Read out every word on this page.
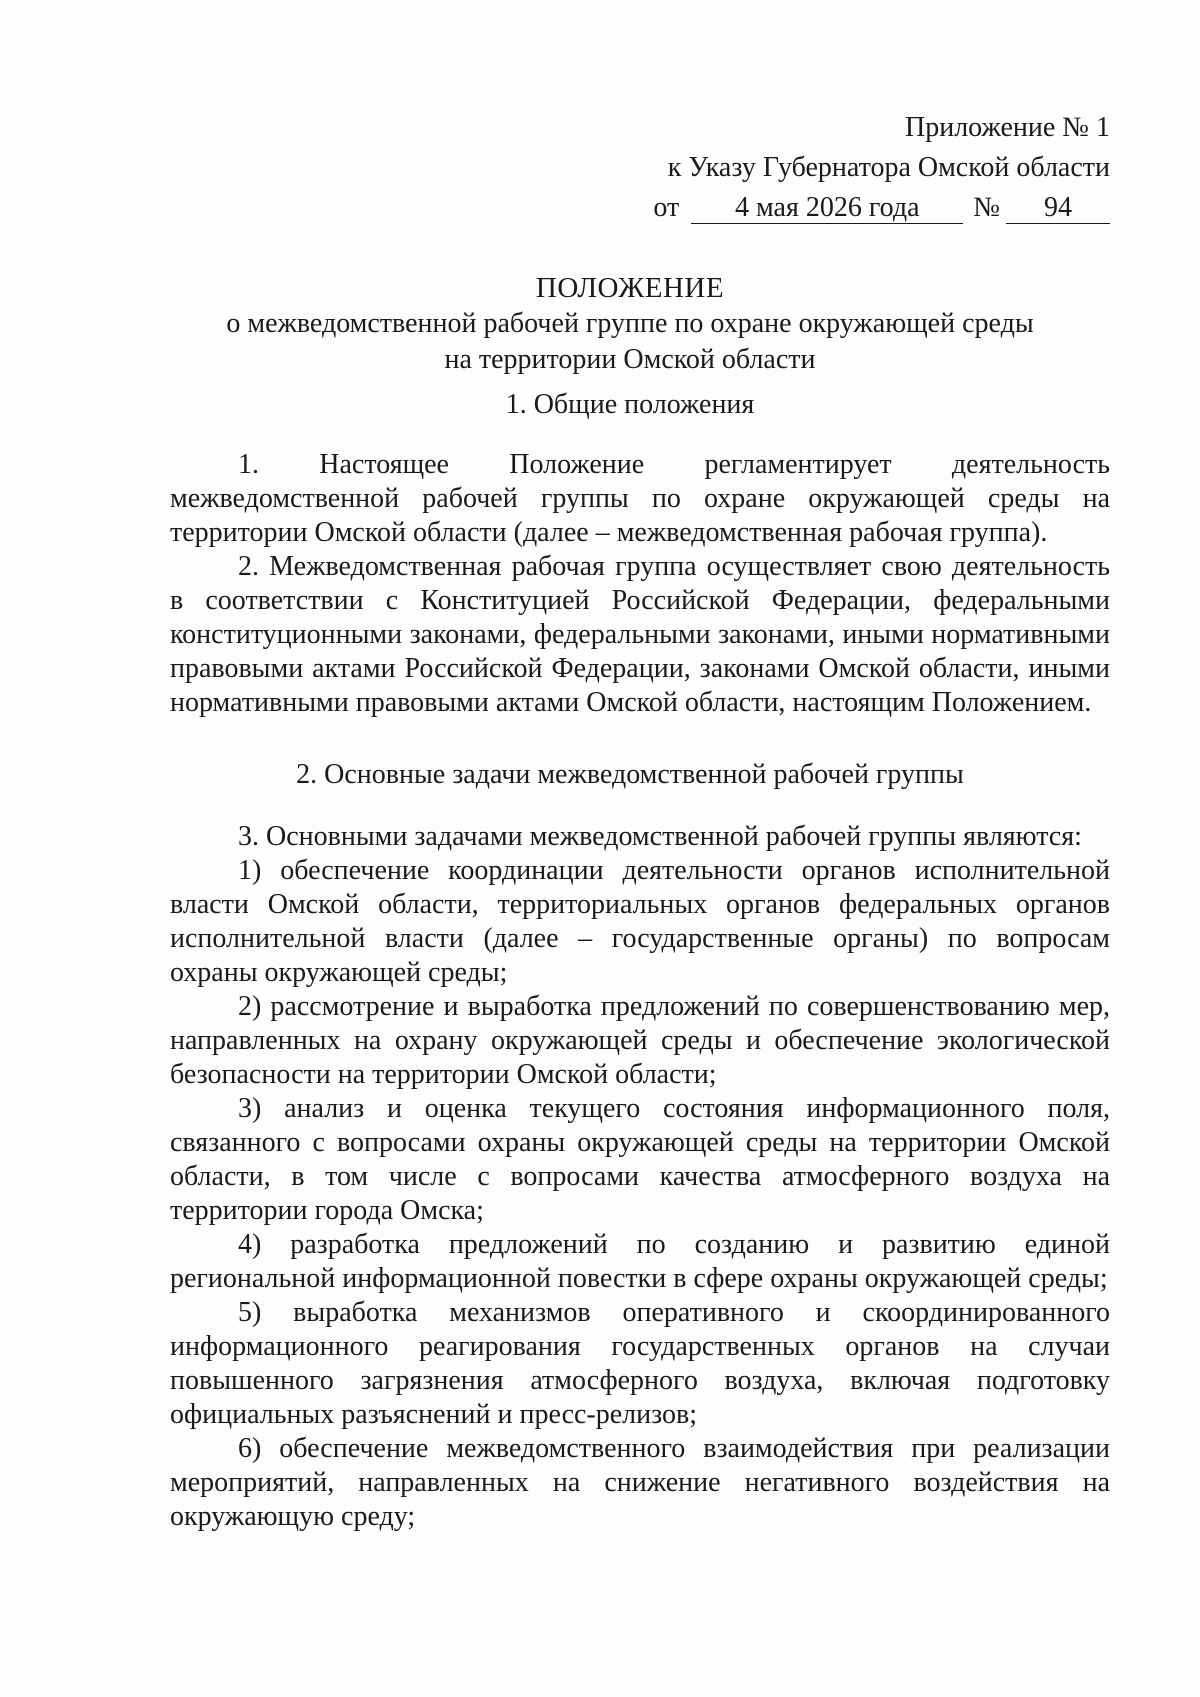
Приложение № 1
к Указу Губернатора Омской области
от 4 мая 2026 года № 94
ПОЛОЖЕНИЕ
о межведомственной рабочей группе по охране окружающей среды
на территории Омской области
1. Общие положения

1. Настоящее Положение регламентирует деятельность межведомственной рабочей группы по охране окружающей среды на территории Омской области (далее – межведомственная рабочая группа).

2. Межведомственная рабочая группа осуществляет свою деятельность в соответствии с Конституцией Российской Федерации, федеральными конституционными законами, федеральными законами, иными нормативными правовыми актами Российской Федерации, законами Омской области, иными нормативными правовыми актами Омской области, настоящим Положением.

2. Основные задачи межведомственной рабочей группы

3. Основными задачами межведомственной рабочей группы являются:

1) обеспечение координации деятельности органов исполнительной власти Омской области, территориальных органов федеральных органов исполнительной власти (далее – государственные органы) по вопросам охраны окружающей среды;

2) рассмотрение и выработка предложений по совершенствованию мер, направленных на охрану окружающей среды и обеспечение экологической безопасности на территории Омской области;

3) анализ и оценка текущего состояния информационного поля, связанного с вопросами охраны окружающей среды на территории Омской области, в том числе с вопросами качества атмосферного воздуха на территории города Омска;

4) разработка предложений по созданию и развитию единой региональной информационной повестки в сфере охраны окружающей среды;

5) выработка механизмов оперативного и скоординированного информационного реагирования государственных органов на случаи повышенного загрязнения атмосферного воздуха, включая подготовку официальных разъяснений и пресс-релизов;

6) обеспечение межведомственного взаимодействия при реализации мероприятий, направленных на снижение негативного воздействия на окружающую среду;
